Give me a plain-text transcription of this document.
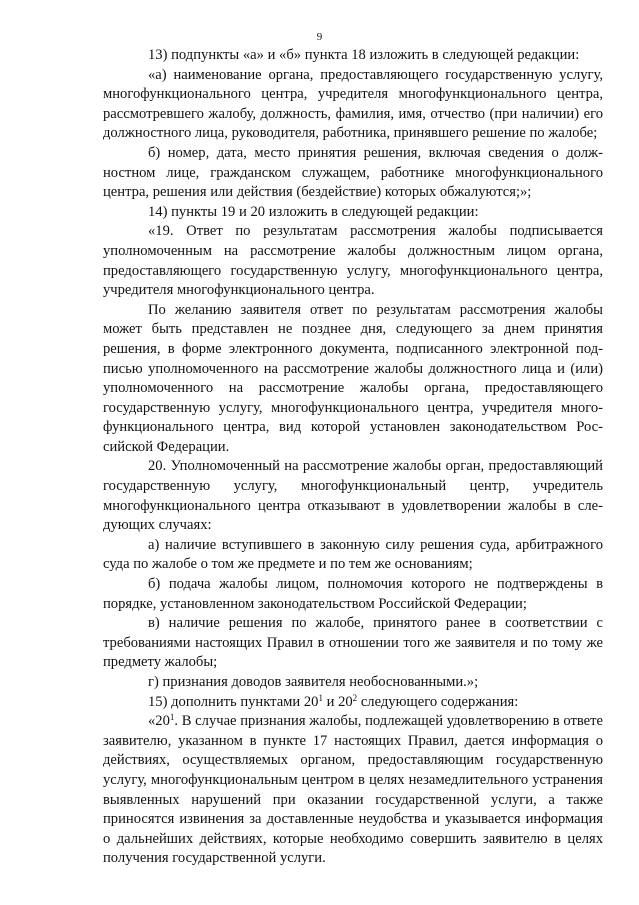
9

13) подпункты «а» и «б» пункта 18 изложить в следующей редакции:

«а) наименование органа, предоставляющего государственную услугу, многофункционального центра, учредителя многофункционального центра, рассмотревшего жалобу, должность, фамилия, имя, отчество (при наличии) его должностного лица, руководителя, работника, принявшего решение по жалобе;

б) номер, дата, место принятия решения, включая сведения о должностном лице, гражданском служащем, работнике многофункционального центра, решения или действия (бездействие) которых обжалуются;»;

14) пункты 19 и 20 изложить в следующей редакции:

«19. Ответ по результатам рассмотрения жалобы подписывается уполномоченным на рассмотрение жалобы должностным лицом органа, предоставляющего государственную услугу, многофункционального центра, учредителя многофункционального центра.

По желанию заявителя ответ по результатам рассмотрения жалобы может быть представлен не позднее дня, следующего за днем принятия решения, в форме электронного документа, подписанного электронной подписью уполномоченного на рассмотрение жалобы должностного лица и (или) уполномоченного на рассмотрение жалобы органа, предоставляющего государственную услугу, многофункционального центра, учредителя многофункционального центра, вид которой установлен законодательством Российской Федерации.

20. Уполномоченный на рассмотрение жалобы орган, предоставляющий государственную услугу, многофункциональный центр, учредитель многофункционального центра отказывают в удовлетворении жалобы в следующих случаях:

а) наличие вступившего в законную силу решения суда, арбитражного суда по жалобе о том же предмете и по тем же основаниям;

б) подача жалобы лицом, полномочия которого не подтверждены в порядке, установленном законодательством Российской Федерации;

в) наличие решения по жалобе, принятого ранее в соответствии с требованиями настоящих Правил в отношении того же заявителя и по тому же предмету жалобы;

г) признания доводов заявителя необоснованными.»;

15) дополнить пунктами $20^1$ и $20^2$ следующего содержания:

«$20^1$. В случае признания жалобы, подлежащей удовлетворению в ответе заявителю, указанном в пункте 17 настоящих Правил, дается информация о действиях, осуществляемых органом, предоставляющим государственную услугу, многофункциональным центром в целях незамедлительного устранения выявленных нарушений при оказании государственной услуги, а также приносятся извинения за доставленные неудобства и указывается информация о дальнейших действиях, которые необходимо совершить заявителю в целях получения государственной услуги.
